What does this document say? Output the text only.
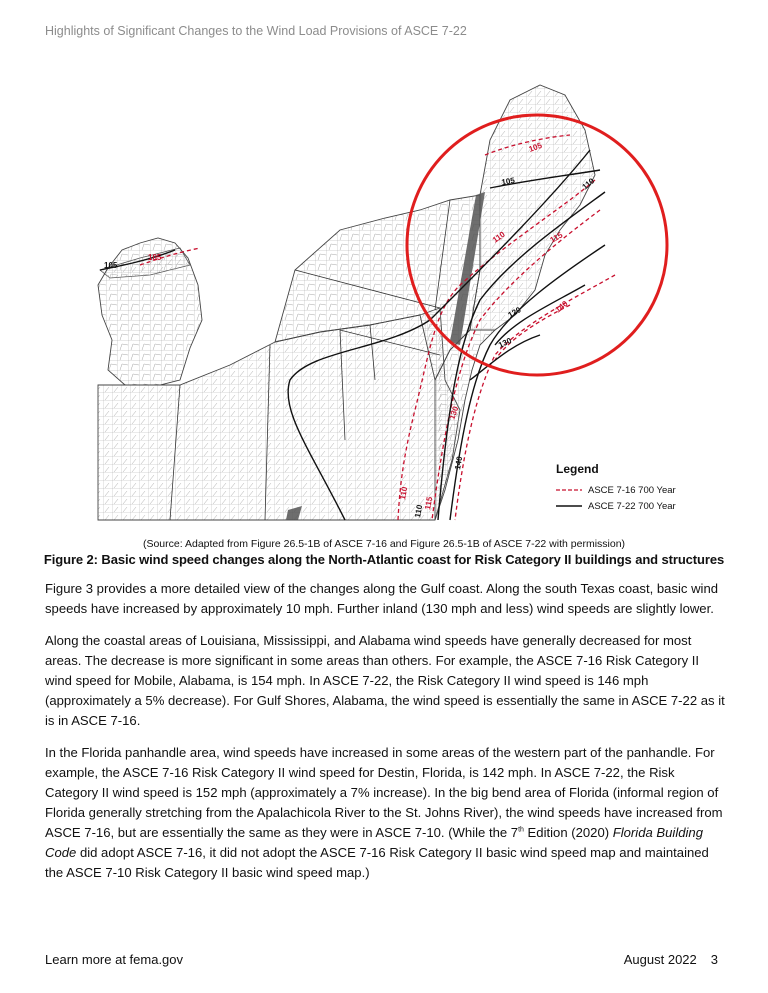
Highlights of Significant Changes to the Wind Load Provisions of ASCE 7-22
105
105
110	115
140
130
110
115
105
105	110
120
130
140
110
Legend
ASCE 7-16 700 Year
ASCE 7-22 700 Year
(Source: Adapted from Figure 26.5-1B of ASCE 7-16 and Figure 26.5-1B of ASCE 7-22 with permission)
Figure 2: Basic wind speed changes along the North-Atlantic coast for Risk Category II buildings and structures

Figure 3 provides a more detailed view of the changes along the Gulf coast. Along the south Texas coast, basic wind speeds have increased by approximately 10 mph. Further inland (130 mph and less) wind speeds are slightly lower.

Along the coastal areas of Louisiana, Mississippi, and Alabama wind speeds have generally decreased for most areas. The decrease is more significant in some areas than others. For example, the ASCE 7-16 Risk Category II wind speed for Mobile, Alabama, is 154 mph. In ASCE 7-22, the Risk Category II wind speed is 146 mph (approximately a 5% decrease). For Gulf Shores, Alabama, the wind speed is essentially the same in ASCE 7-22 as it is in ASCE 7-16.

In the Florida panhandle area, wind speeds have increased in some areas of the western part of the panhandle. For example, the ASCE 7-16 Risk Category II wind speed for Destin, Florida, is 142 mph. In ASCE 7-22, the Risk Category II wind speed is 152 mph (approximately a 7% increase). In the big bend area of Florida (informal region of Florida generally stretching from the Apalachicola River to the St. Johns River), the wind speeds have increased from ASCE 7-16, but are essentially the same as they were in ASCE 7-10. (While the 7th Edition (2020) Florida Building Code did adopt ASCE 7-16, it did not adopt the ASCE 7-16 Risk Category II basic wind speed map and maintained the ASCE 7-10 Risk Category II basic wind speed map.)

Learn more at fema.gov	August 2022 3
